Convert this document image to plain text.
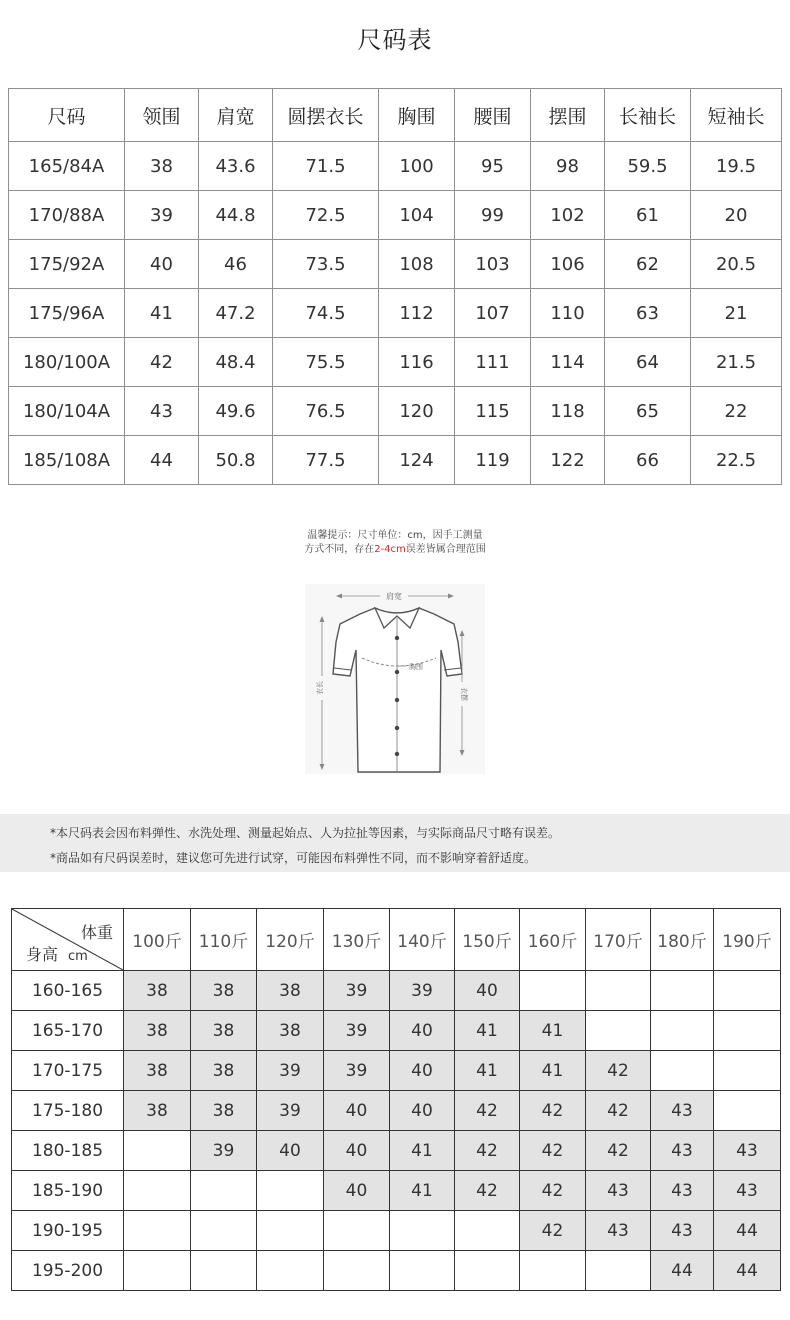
尺码表
尺码	领围	肩宽	圆摆衣长	胸围	腰围	摆围	长袖长	短袖长
165/84A	38	43.6	71.5	100	95	98	59.5	19.5
170/88A	39	44.8	72.5	104	99	102	61	20
175/92A	40	46	73.5	108	103	106	62	20.5
175/96A	41	47.2	74.5	112	107	110	63	21
180/100A	42	48.4	75.5	116	111	114	64	21.5
180/104A	43	49.6	76.5	120	115	118	65	22
185/108A	44	50.8	77.5	124	119	122	66	22.5
温馨提示：尺寸单位：cm，因手工测量
方式不同，存在2-4cm误差皆属合理范围
肩宽
胸围
衣长	衣摆
*本尺码表会因布料弹性、水洗处理、测量起始点、人为拉扯等因素，与实际商品尺寸略有误差。
*商品如有尺码误差时，建议您可先进行试穿，可能因布料弹性不同，而不影响穿着舒适度。
体重
身高 cm	100斤	110斤	120斤	130斤	140斤	150斤	160斤	170斤	180斤	190斤
160-165	38	38	38	39	39	40				
165-170	38	38	38	39	40	41	41			
170-175	38	38	39	39	40	41	41	42		
175-180	38	38	39	40	40	42	42	42	43	
180-185		39	40	40	41	42	42	42	43	43
185-190				40	41	42	42	43	43	43
190-195							42	43	43	44
195-200									44	44
